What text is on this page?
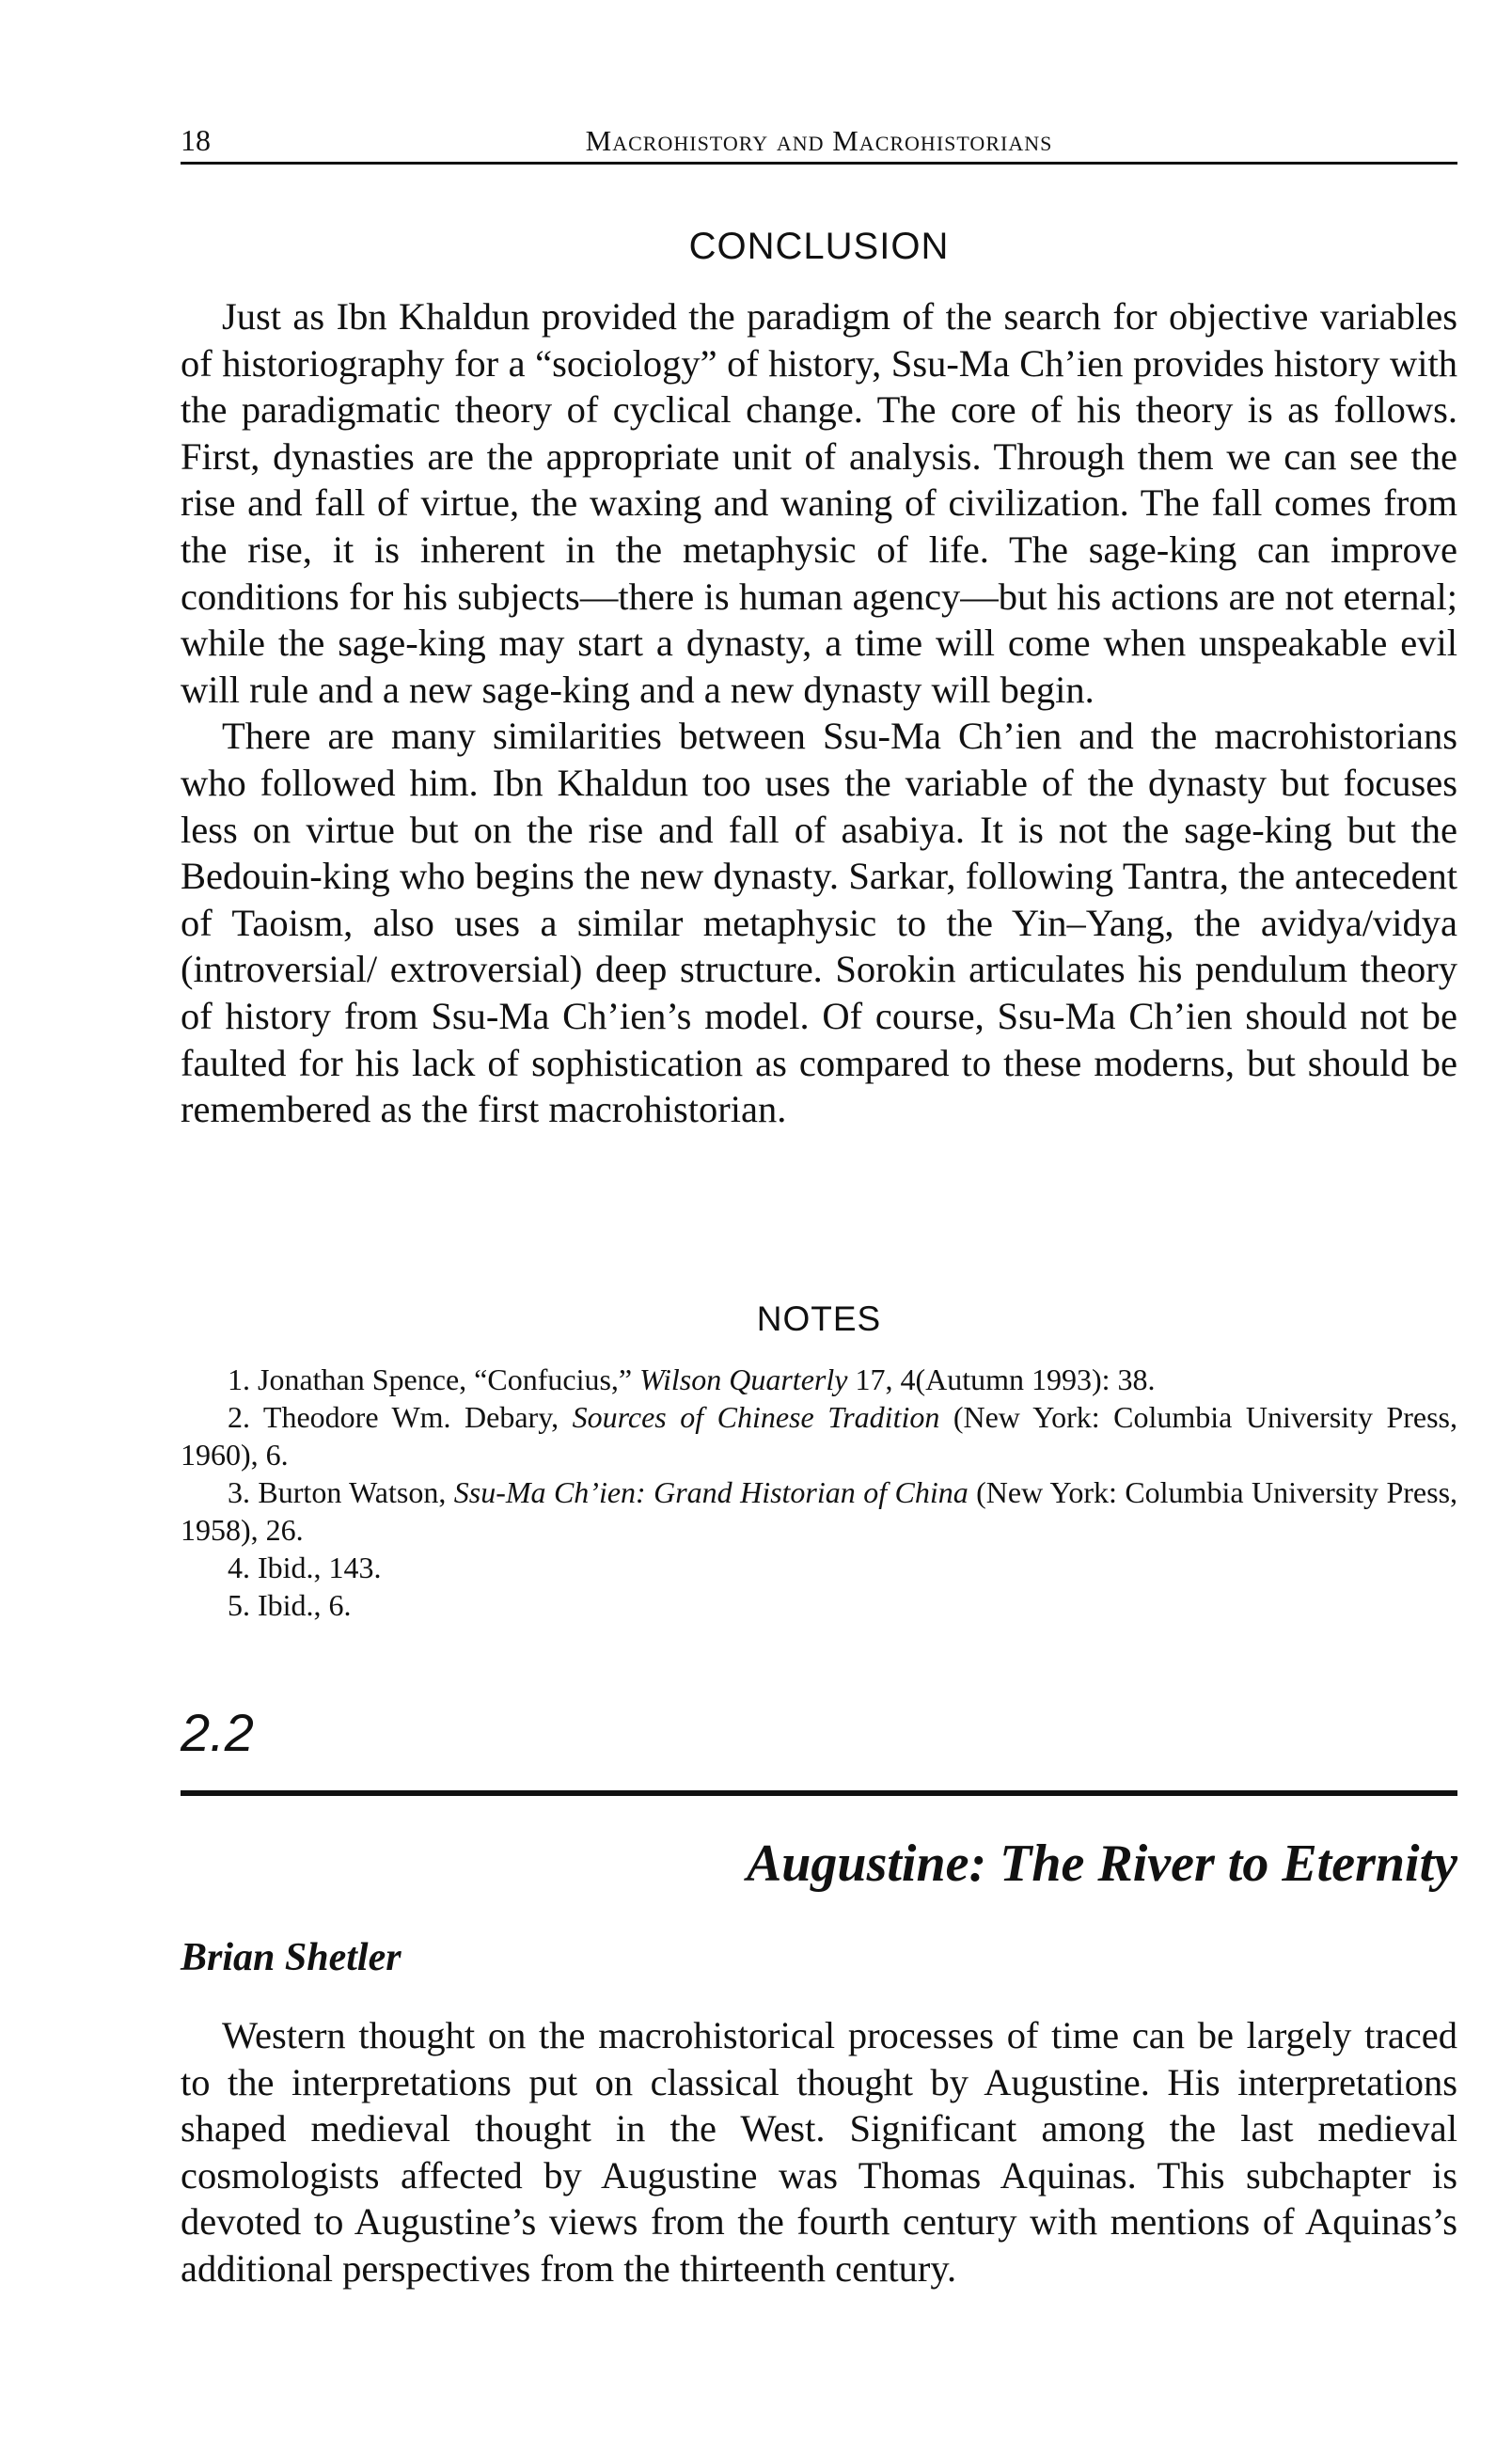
18	Macrohistory and Macrohistorians
CONCLUSION

Just as Ibn Khaldun provided the paradigm of the search for objective variables of historiography for a “sociology” of history, Ssu-Ma Ch’ien provides history with the paradigmatic theory of cyclical change. The core of his theory is as follows. First, dynasties are the appropriate unit of analysis. Through them we can see the rise and fall of virtue, the waxing and waning of civilization. The fall comes from the rise, it is inherent in the metaphysic of life. The sage-king can improve conditions for his subjects—there is human agency—but his actions are not eternal; while the sage-king may start a dynasty, a time will come when unspeakable evil will rule and a new sage-king and a new dynasty will begin.

There are many similarities between Ssu-Ma Ch’ien and the macrohistorians who followed him. Ibn Khaldun too uses the variable of the dynasty but focuses less on virtue but on the rise and fall of asabiya. It is not the sage-king but the Bedouin-king who begins the new dynasty. Sarkar, following Tantra, the antecedent of Taoism, also uses a similar metaphysic to the Yin–Yang, the avidya/vidya (introversial/ extroversial) deep structure. Sorokin articulates his pendulum theory of history from Ssu-Ma Ch’ien’s model. Of course, Ssu-Ma Ch’ien should not be faulted for his lack of sophistication as compared to these moderns, but should be remembered as the first macrohistorian.

NOTES

1. Jonathan Spence, “Confucius,” Wilson Quarterly 17, 4(Autumn 1993): 38.

2. Theodore Wm. Debary, Sources of Chinese Tradition (New York: Columbia University Press, 1960), 6.

3. Burton Watson, Ssu-Ma Ch’ien: Grand Historian of China (New York: Columbia University Press, 1958), 26.

4. Ibid., 143.

5. Ibid., 6.

2.2
Augustine: The River to Eternity
Brian Shetler

Western thought on the macrohistorical processes of time can be largely traced to the interpretations put on classical thought by Augustine. His interpretations shaped medieval thought in the West. Significant among the last medieval cosmologists affected by Augustine was Thomas Aquinas. This subchapter is devoted to Augustine’s views from the fourth century with mentions of Aquinas’s additional perspectives from the thirteenth century.
